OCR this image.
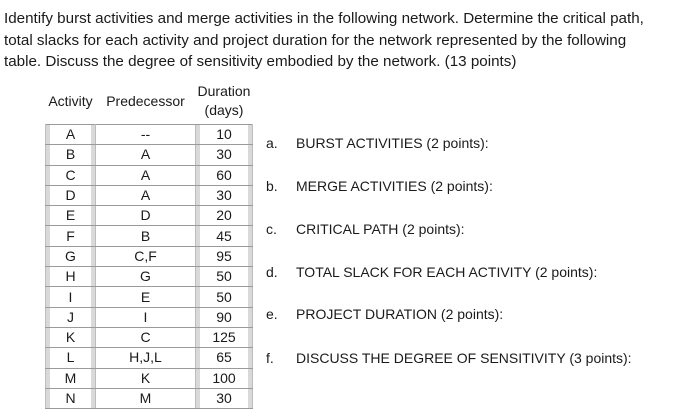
Identify burst activities and merge activities in the following network. Determine the critical path,

total slacks for each activity and project duration for the network represented by the following

table. Discuss the degree of sensitivity embodied by the network. (13 points)

Activity	Predecessor	Duration
(days)

A	--	10
B	A	30
C	A	60
D	A	30
E	D	20
F	B	45
G	C,F	95
H	G	50
I	E	50
J	I	90
K	C	125
L	H,J,L	65
M	K	100
N	M	30
a. BURST ACTIVITIES (2 points):
b. MERGE ACTIVITIES (2 points):
c. CRITICAL PATH (2 points):
d. TOTAL SLACK FOR EACH ACTIVITY (2 points):
e. PROJECT DURATION (2 points):
f. DISCUSS THE DEGREE OF SENSITIVITY (3 points):
